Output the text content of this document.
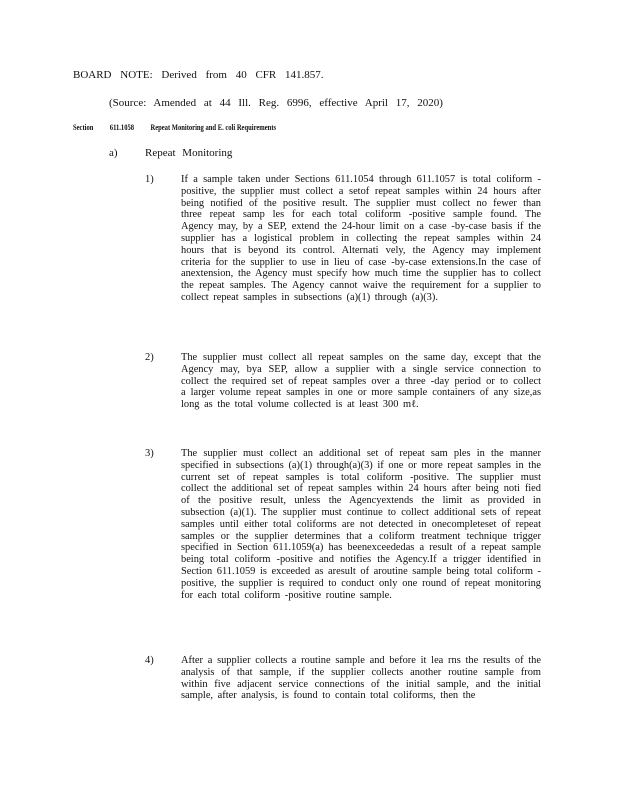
BOARD NOTE: Derived from 40 CFR 141.857.
(Source: Amended at 44 Ill. Reg. 6996, effective April 17, 2020)
Section 611.1058 Repeat Monitoring and E. coli Requirements
a) Repeat Monitoring
1)	If a sample taken under Sections 611.1054 through 611.1057 is total coliform -positive, the supplier must collect a setof repeat samples within 24 hours after being notified of the positive result. The supplier must collect no fewer than three repeat samp les for each total coliform -positive sample found. The Agency may, by a SEP, extend the 24-hour limit on a case -by-case basis if the supplier has a logistical problem in collecting the repeat samples within 24 hours that is beyond its control. Alternati vely, the Agency may implement criteria for the supplier to use in lieu of case -by-case extensions.In the case of anextension, the Agency must specify how much time the supplier has to collect the repeat samples. The Agency cannot waive the requirement for a supplier to collect repeat samples in subsections (a)(1) through (a)(3).
2)	The supplier must collect all repeat samples on the same day, except that the Agency may, bya SEP, allow a supplier with a single service connection to collect the required set of repeat samples over a three -day period or to collect a larger volume repeat samples in one or more sample containers of any size,as long as the total volume collected is at least 300 mℓ.
3)	The supplier must collect an additional set of repeat sam ples in the manner specified in subsections (a)(1) through(a)(3) if one or more repeat samples in the current set of repeat samples is total coliform -positive. The supplier must collect the additional set of repeat samples within 24 hours after being noti fied of the positive result, unless the Agencyextends the limit as provided in subsection (a)(1). The supplier must continue to collect additional sets of repeat samples until either total coliforms are not detected in onecompleteset of repeat samples or the supplier determines that a coliform treatment technique trigger specified in Section 611.1059(a) has beenexceededas a result of a repeat sample being total coliform -positive and notifies the Agency.If a trigger identified in Section 611.1059 is exceeded as aresult of aroutine sample being total coliform -positive, the supplier is required to conduct only one round of repeat monitoring for each total coliform -positive routine sample.
4)	After a supplier collects a routine sample and before it lea rns the results of the analysis of that sample, if the supplier collects another routine sample from within five adjacent service connections of the initial sample, and the initial sample, after analysis, is found to contain total coliforms, then the
